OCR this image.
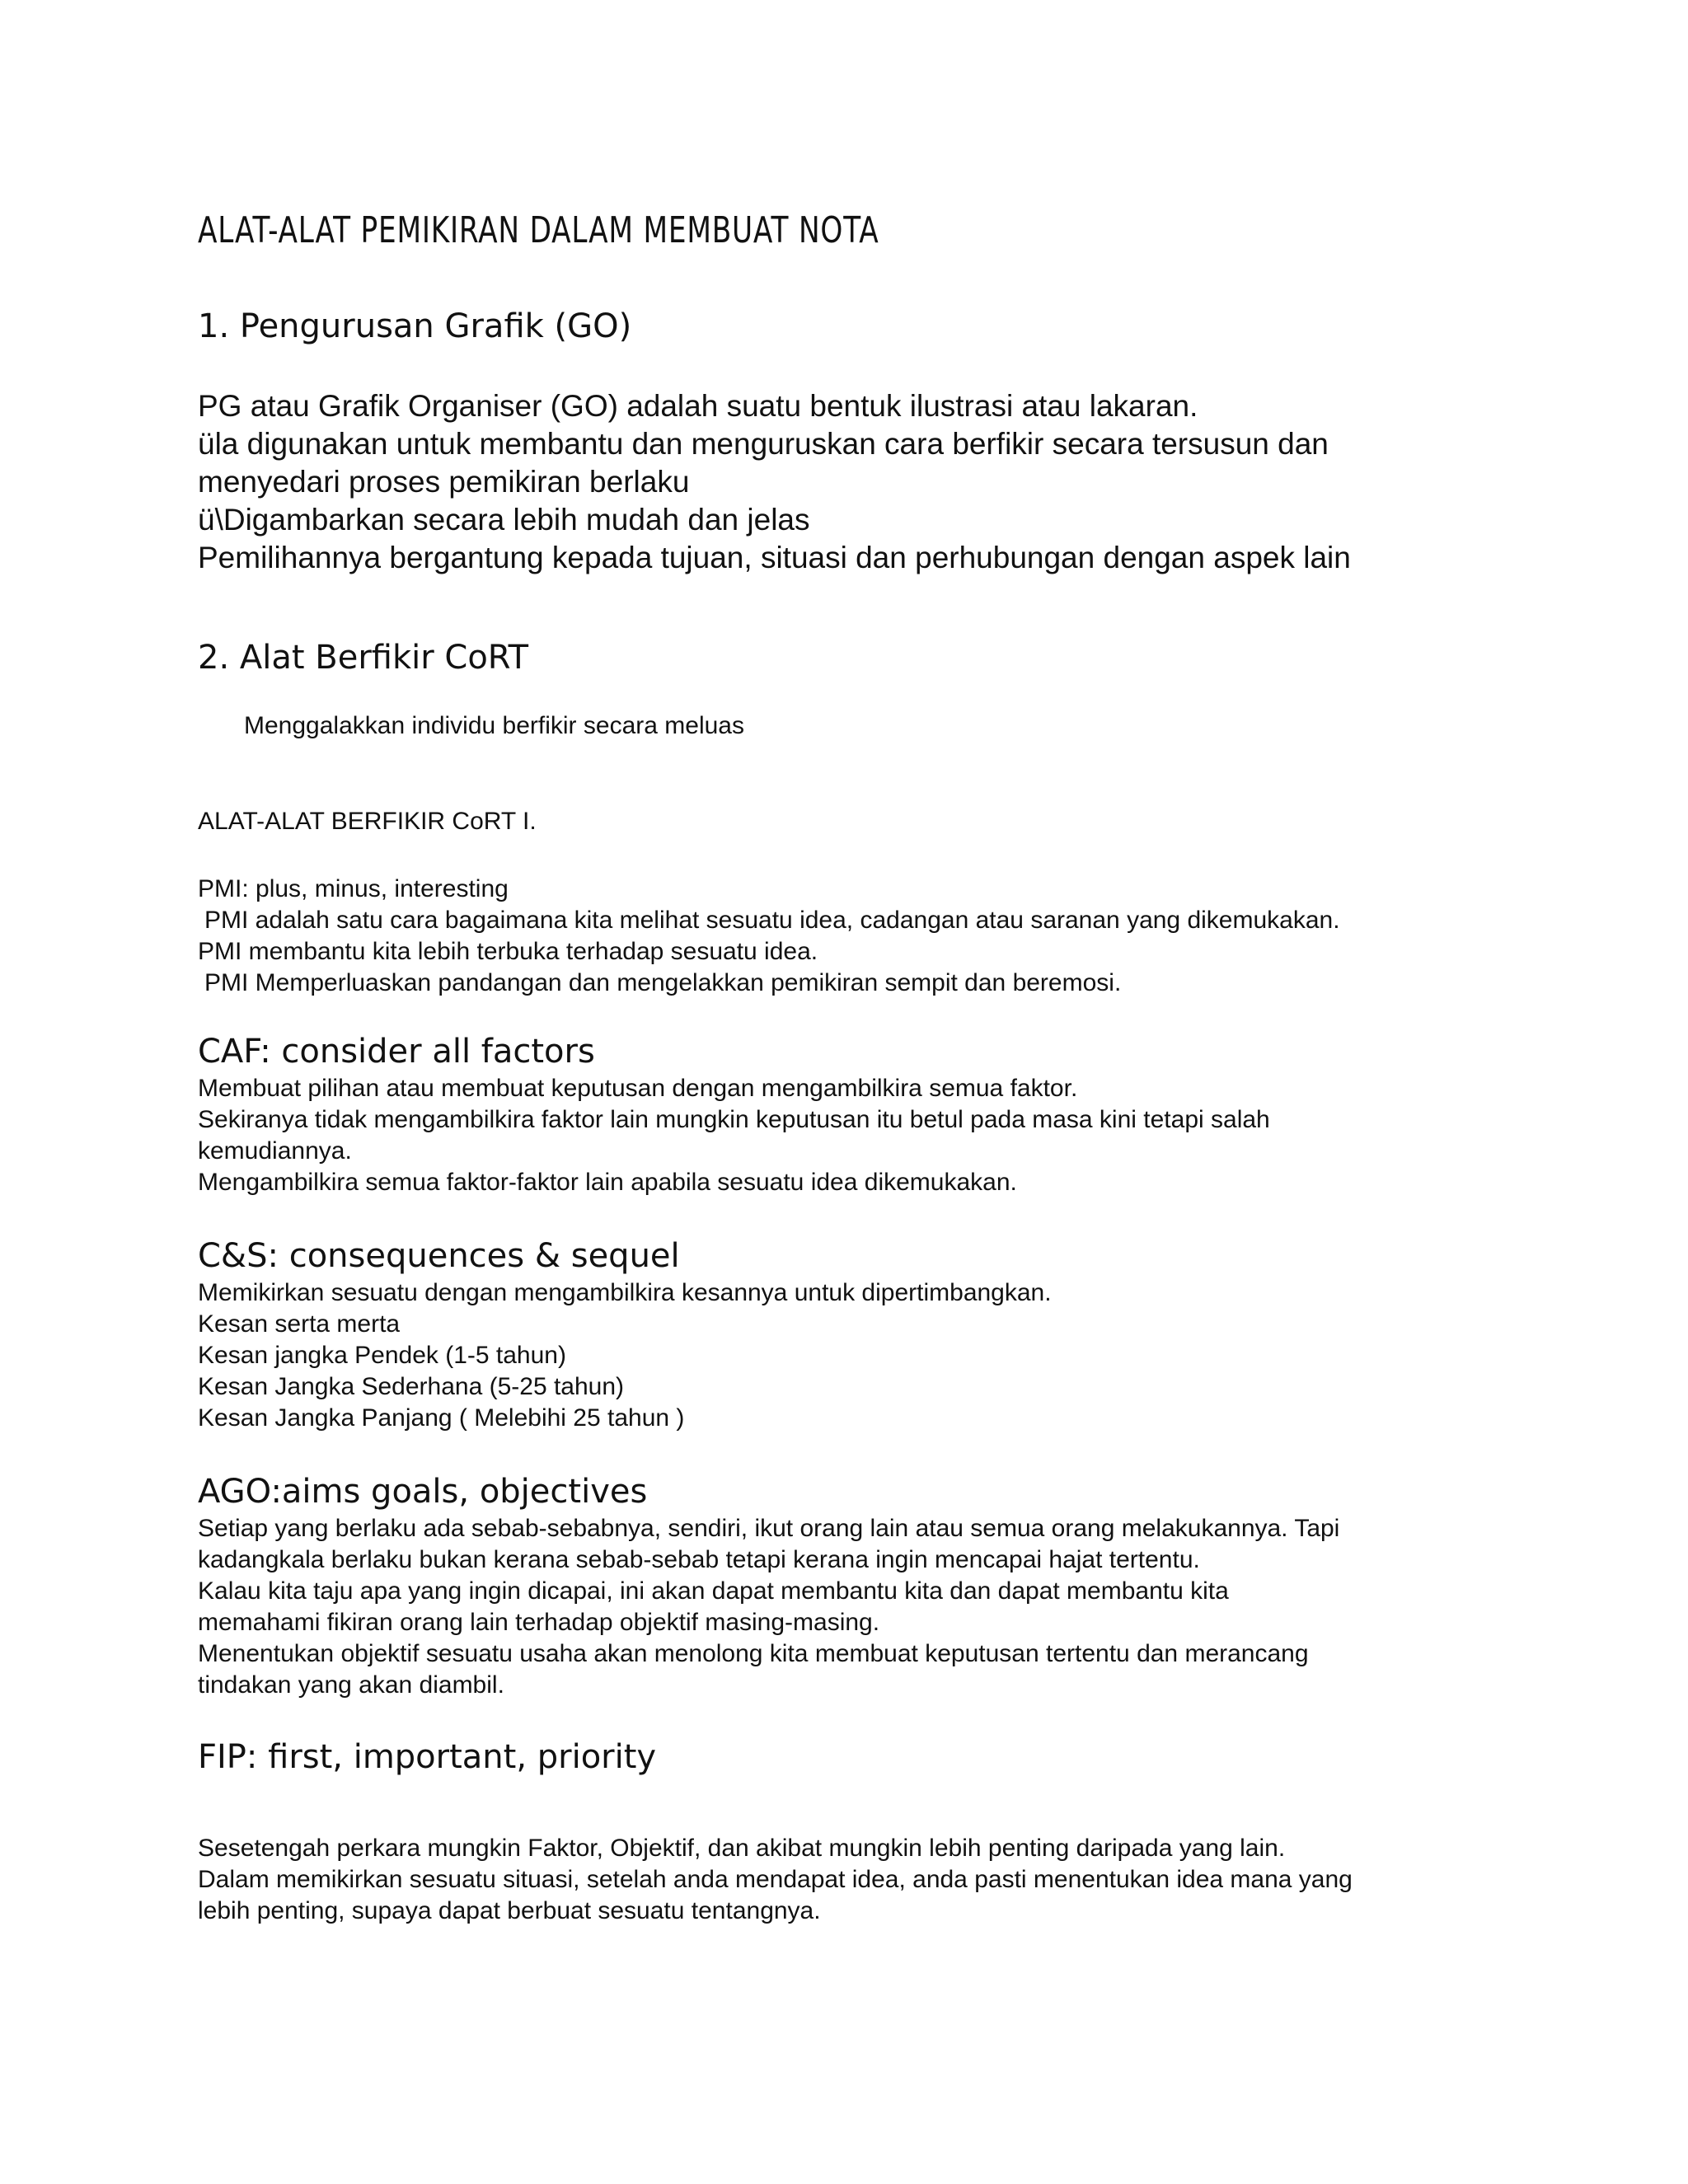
ALAT-ALAT PEMIKIRAN DALAM MEMBUAT NOTA
1. Pengurusan Grafik (GO)

PG atau Grafik Organiser (GO) adalah suatu bentuk ilustrasi atau lakaran.

üla digunakan untuk membantu dan menguruskan cara berfikir secara tersusun dan

menyedari proses pemikiran berlaku

ü\Digambarkan secara lebih mudah dan jelas

Pemilihannya bergantung kepada tujuan, situasi dan perhubungan dengan aspek lain

2. Alat Berfikir CoRT

Menggalakkan individu berfikir secara meluas

ALAT-ALAT BERFIKIR CoRT I.

PMI: plus, minus, interesting

PMI adalah satu cara bagaimana kita melihat sesuatu idea, cadangan atau saranan yang dikemukakan.

PMI membantu kita lebih terbuka terhadap sesuatu idea.

PMI Memperluaskan pandangan dan mengelakkan pemikiran sempit dan beremosi.

CAF: consider all factors

Membuat pilihan atau membuat keputusan dengan mengambilkira semua faktor.

Sekiranya tidak mengambilkira faktor lain mungkin keputusan itu betul pada masa kini tetapi salah

kemudiannya.

Mengambilkira semua faktor-faktor lain apabila sesuatu idea dikemukakan.

C&S: consequences & sequel

Memikirkan sesuatu dengan mengambilkira kesannya untuk dipertimbangkan.

Kesan serta merta

Kesan jangka Pendek (1-5 tahun)

Kesan Jangka Sederhana (5-25 tahun)

Kesan Jangka Panjang ( Melebihi 25 tahun )

AGO:aims goals, objectives

Setiap yang berlaku ada sebab-sebabnya, sendiri, ikut orang lain atau semua orang melakukannya. Tapi

kadangkala berlaku bukan kerana sebab-sebab tetapi kerana ingin mencapai hajat tertentu.

Kalau kita taju apa yang ingin dicapai, ini akan dapat membantu kita dan dapat membantu kita

memahami fikiran orang lain terhadap objektif masing-masing.

Menentukan objektif sesuatu usaha akan menolong kita membuat keputusan tertentu dan merancang

tindakan yang akan diambil.

FIP: first, important, priority

Sesetengah perkara mungkin Faktor, Objektif, dan akibat mungkin lebih penting daripada yang lain.

Dalam memikirkan sesuatu situasi, setelah anda mendapat idea, anda pasti menentukan idea mana yang

lebih penting, supaya dapat berbuat sesuatu tentangnya.
